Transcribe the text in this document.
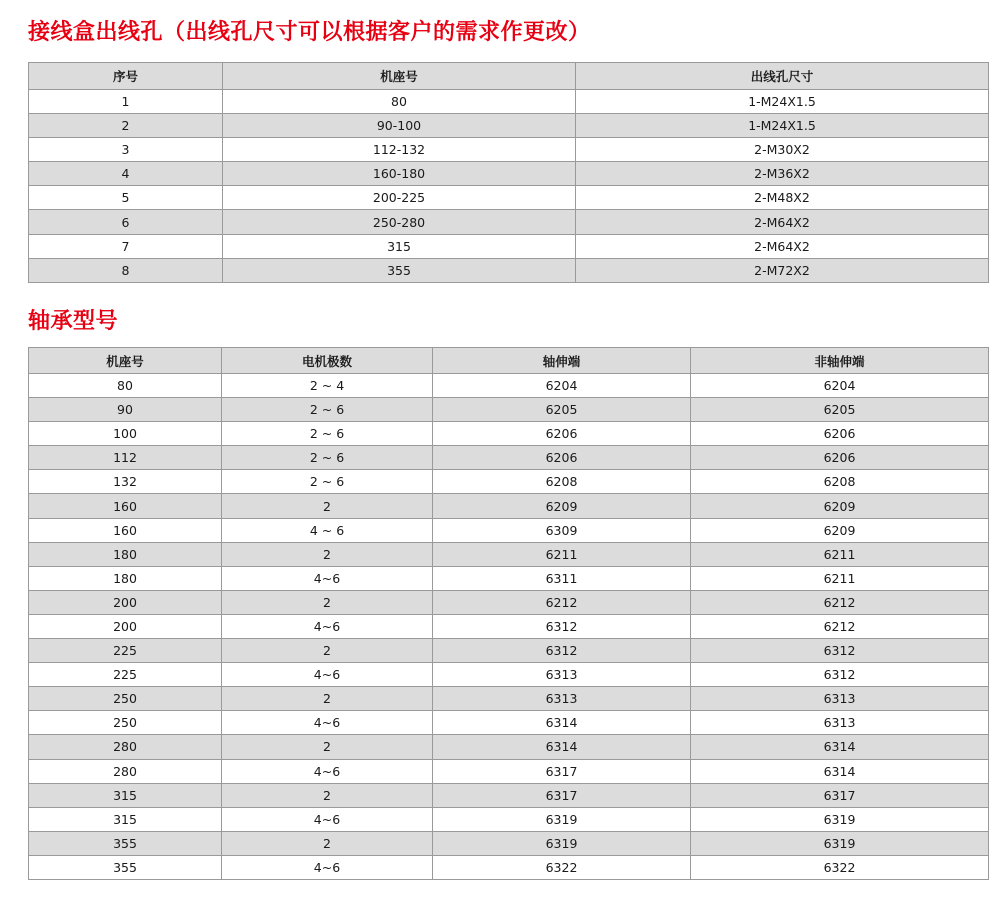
接线盒出线孔（出线孔尺寸可以根据客户的需求作更改）
序号	机座号	出线孔尺寸
1	80	1-M24X1.5
2	90-100	1-M24X1.5
3	112-132	2-M30X2
4	160-180	2-M36X2
5	200-225	2-M48X2
6	250-280	2-M64X2
7	315	2-M64X2
8	355	2-M72X2
轴承型号
机座号	电机极数	轴伸端	非轴伸端
80	2 ~ 4	6204	6204
90	2 ~ 6	6205	6205
100	2 ~ 6	6206	6206
112	2 ~ 6	6206	6206
132	2 ~ 6	6208	6208
160	2	6209	6209
160	4 ~ 6	6309	6209
180	2	6211	6211
180	4~6	6311	6211
200	2	6212	6212
200	4~6	6312	6212
225	2	6312	6312
225	4~6	6313	6312
250	2	6313	6313
250	4~6	6314	6313
280	2	6314	6314
280	4~6	6317	6314
315	2	6317	6317
315	4~6	6319	6319
355	2	6319	6319
355	4~6	6322	6322
